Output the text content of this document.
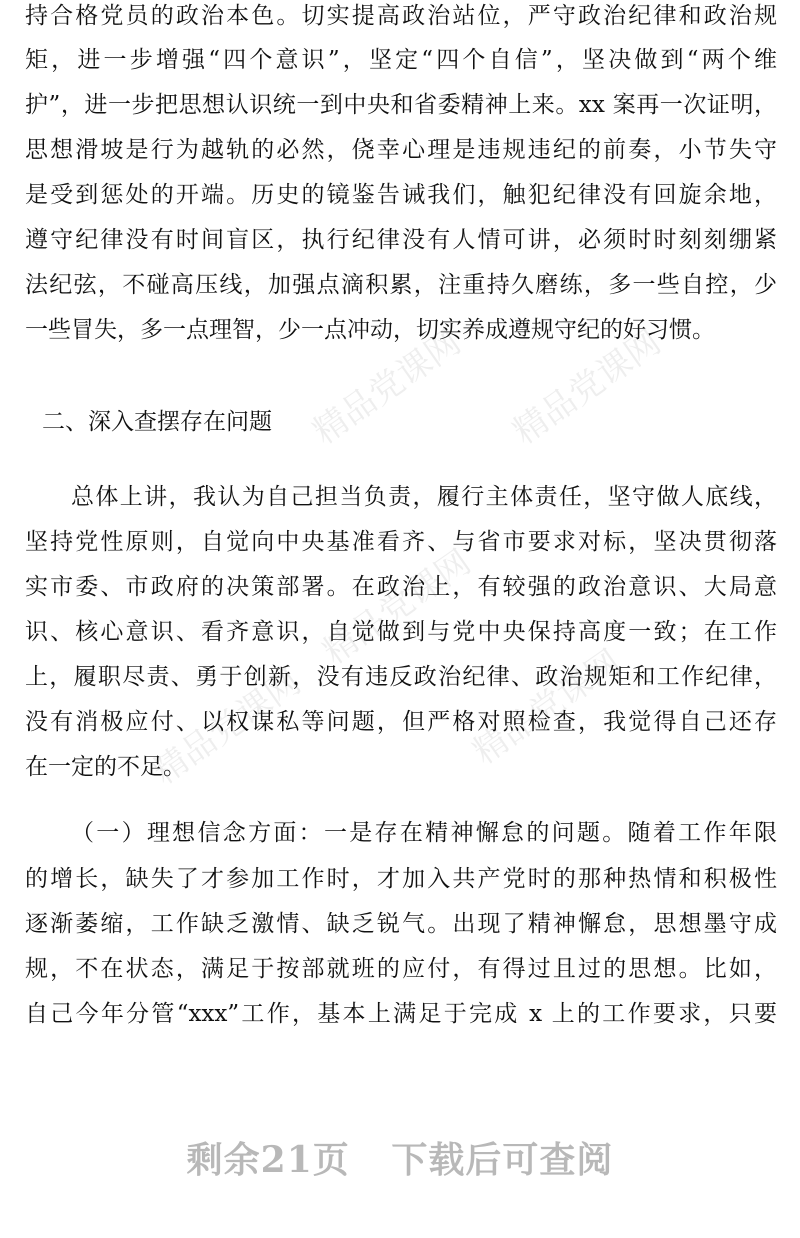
精品党课网 精品党课网
精品党课网
精品党课网	精品党课网
持合格党员的政治本色。切实提高政治站位，严守政治纪律和政治规
矩，进一步增强“四个意识”，坚定“四个自信”，坚决做到“两个维
护”，进一步把思想认识统一到中央和省委精神上来。xx 案再一次证明，
思想滑坡是行为越轨的必然，侥幸心理是违规违纪的前奏，小节失守
是受到惩处的开端。历史的镜鉴告诫我们，触犯纪律没有回旋余地，
遵守纪律没有时间盲区，执行纪律没有人情可讲，必须时时刻刻绷紧
法纪弦，不碰高压线，加强点滴积累，注重持久磨练，多一些自控，少
一些冒失，多一点理智，少一点冲动，切实养成遵规守纪的好习惯。
二、深入查摆存在问题
总体上讲，我认为自己担当负责，履行主体责任，坚守做人底线，
坚持党性原则，自觉向中央基准看齐、与省市要求对标，坚决贯彻落
实市委、市政府的决策部署。在政治上，有较强的政治意识、大局意
识、核心意识、看齐意识，自觉做到与党中央保持高度一致；在工作
上，履职尽责、勇于创新，没有违反政治纪律、政治规矩和工作纪律，
没有消极应付、以权谋私等问题，但严格对照检查，我觉得自己还存
在一定的不足。
（一）理想信念方面：一是存在精神懈怠的问题。随着工作年限
的增长，缺失了才参加工作时，才加入共产党时的那种热情和积极性
逐渐萎缩，工作缺乏激情、缺乏锐气。出现了精神懈怠，思想墨守成
规，不在状态，满足于按部就班的应付，有得过且过的思想。比如，
自己今年分管“xxx”工作，基本上满足于完成 x 上的工作要求，只要
剩余21页 下载后可查阅
